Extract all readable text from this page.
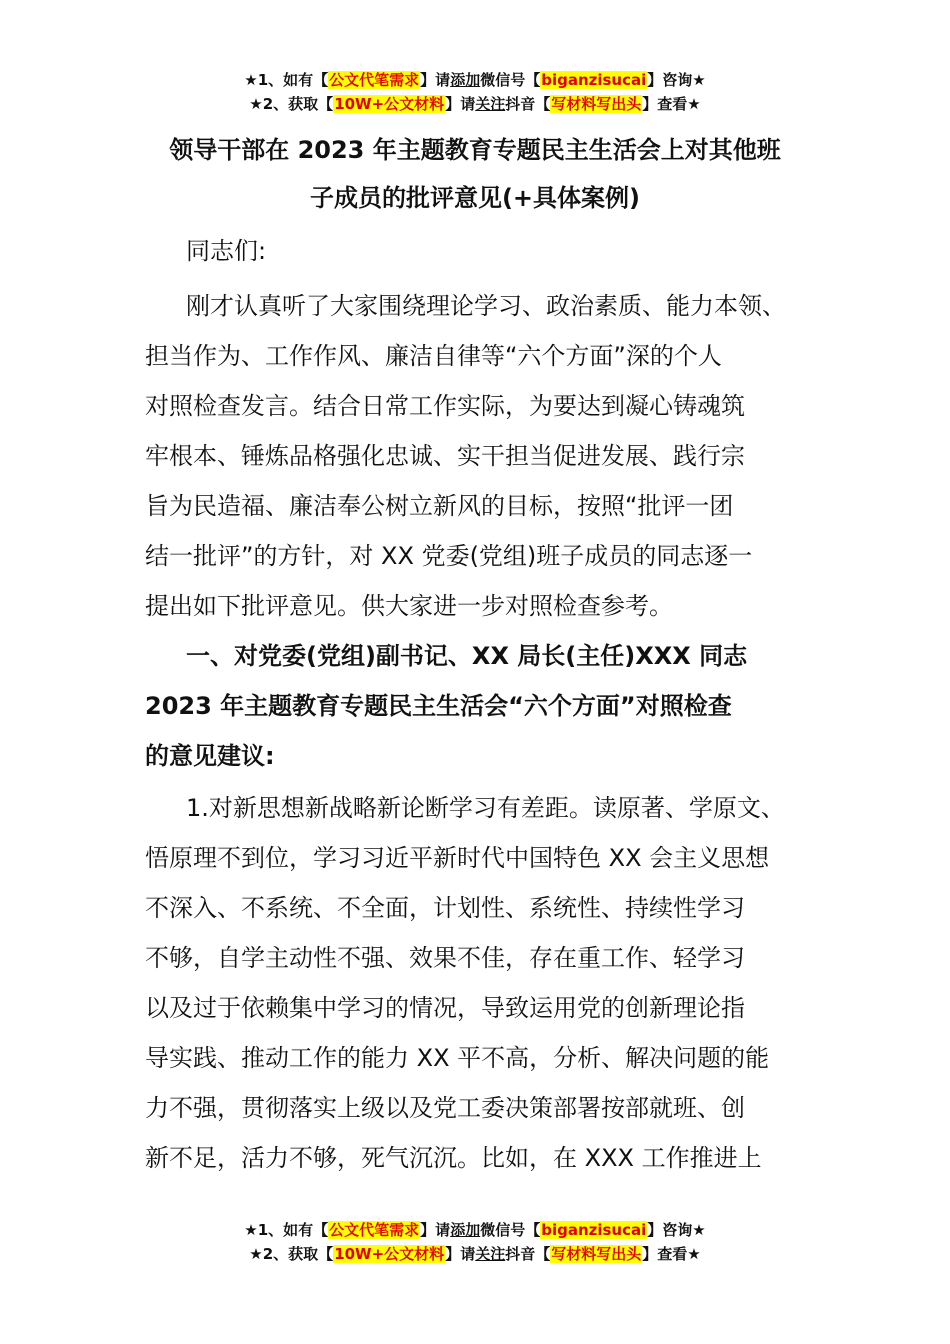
★1、如有【公文代笔需求】请添加微信号【biganzisucai】咨询★
★2、获取【10W+公文材料】请关注抖音【写材料写出头】查看★
领导干部在 2023 年主题教育专题民主生活会上对其他班
子成员的批评意见(+具体案例)
同志们:
刚才认真听了大家围绕理论学习、政治素质、能力本领、
担当作为、工作作风、廉洁自律等“六个方面”深的个人
对照检查发言。结合日常工作实际，为要达到凝心铸魂筑
牢根本、锤炼品格强化忠诚、实干担当促进发展、践行宗
旨为民造福、廉洁奉公树立新风的目标，按照“批评一团
结一批评”的方针，对 XX 党委(党组)班子成员的同志逐一
提出如下批评意见。供大家进一步对照检查参考。
一、对党委(党组)副书记、XX 局长(主任)XXX 同志
2023 年主题教育专题民主生活会“六个方面”对照检查
的意见建议:
1.对新思想新战略新论断学习有差距。读原著、学原文、
悟原理不到位，学习习近平新时代中国特色 XX 会主义思想
不深入、不系统、不全面，计划性、系统性、持续性学习
不够，自学主动性不强、效果不佳，存在重工作、轻学习
以及过于依赖集中学习的情况，导致运用党的创新理论指
导实践、推动工作的能力 XX 平不高，分析、解决问题的能
力不强，贯彻落实上级以及党工委决策部署按部就班、创
新不足，活力不够，死气沉沉。比如，在 XXX 工作推进上
★1、如有【公文代笔需求】请添加微信号【biganzisucai】咨询★
★2、获取【10W+公文材料】请关注抖音【写材料写出头】查看★
